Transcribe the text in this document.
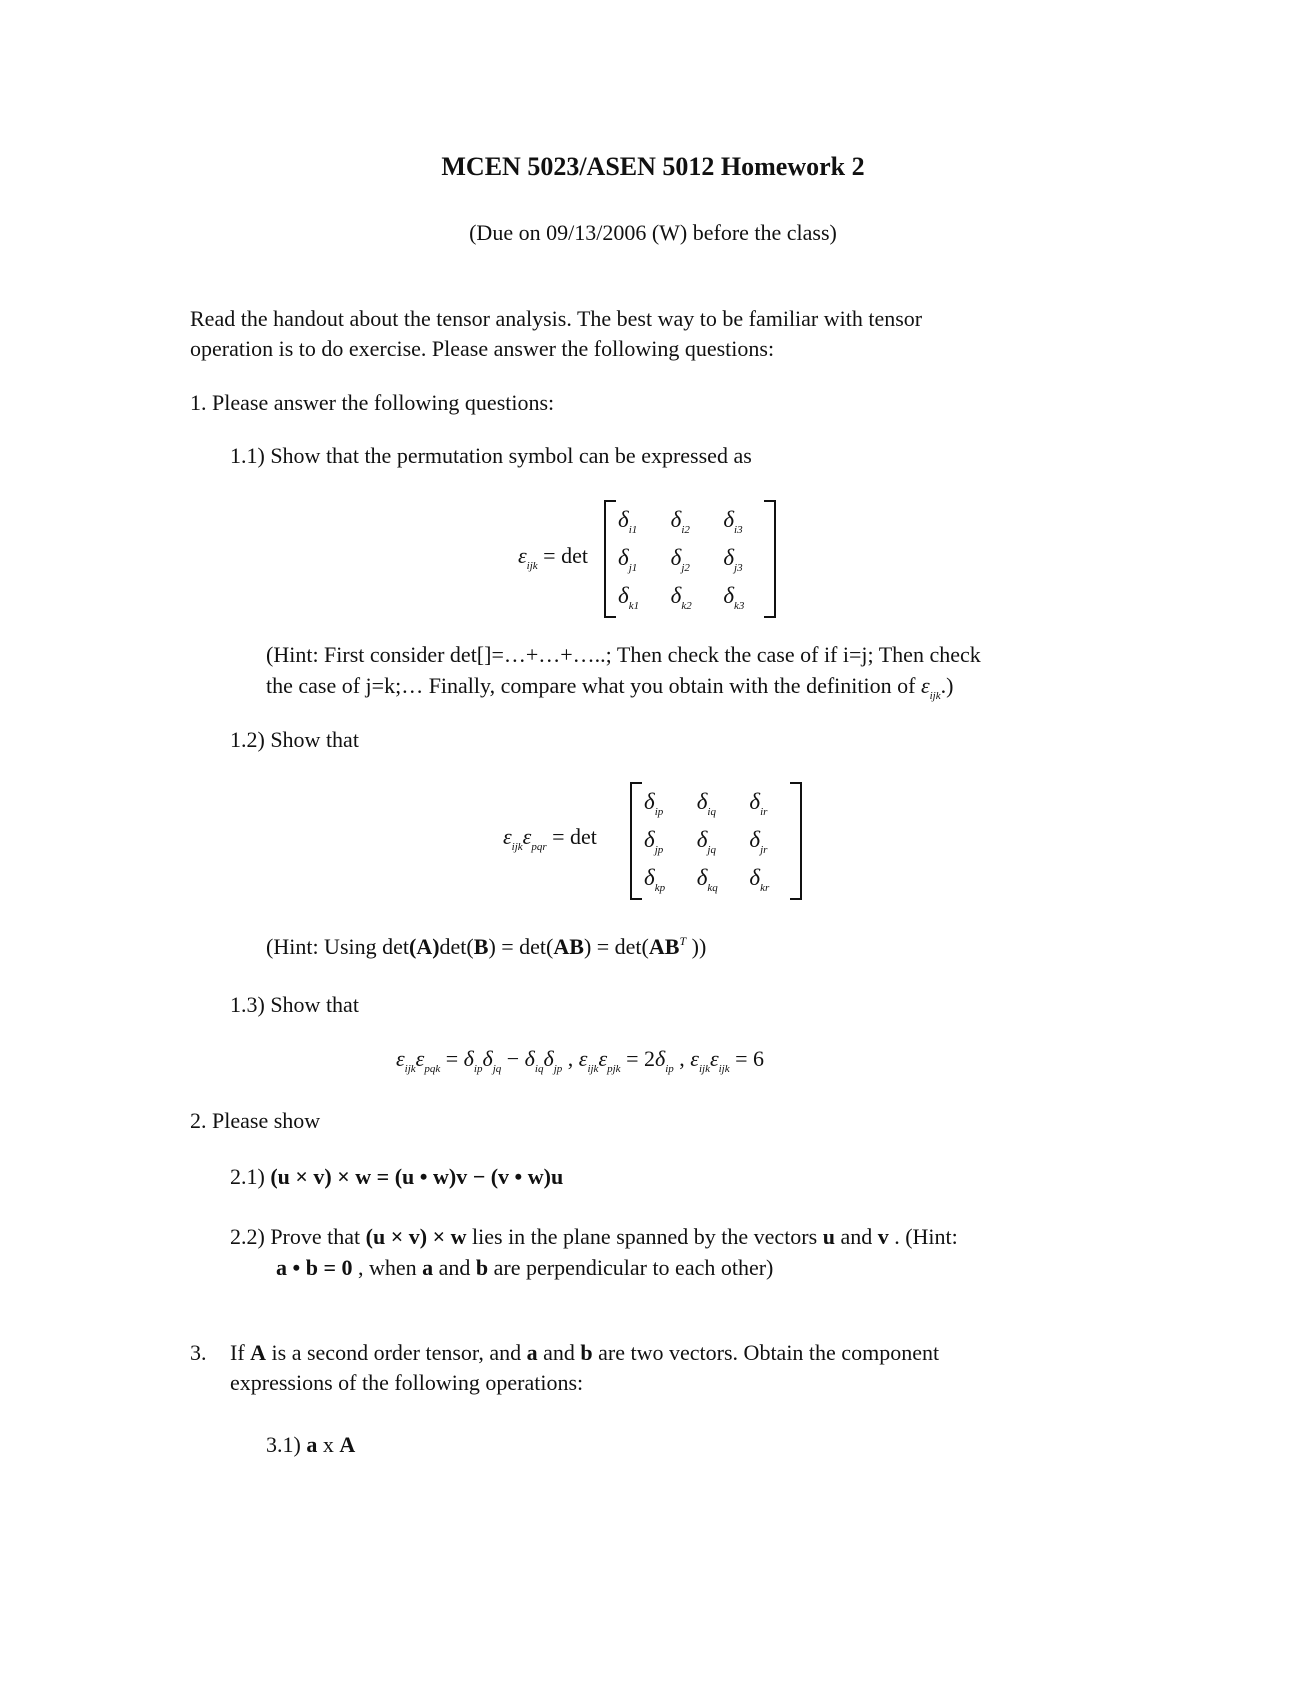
MCEN 5023/ASEN 5012 Homework 2
(Due on 09/13/2006 (W) before the class)
Read the handout about the tensor analysis. The best way to be familiar with tensor
operation is to do exercise. Please answer the following questions:
1. Please answer the following questions:
1.1) Show that the permutation symbol can be expressed as
$\varepsilon_{ijk} = \det$
$\delta_{i1}$	$\delta_{i2}$	$\delta_{i3}$
$\delta_{j1}$	$\delta_{j2}$	$\delta_{j3}$
$\delta_{k1}$	$\delta_{k2}$	$\delta_{k3}$
(Hint: First consider det[]=…+…+…..; Then check the case of if i=j; Then check
the case of j=k;… Finally, compare what you obtain with the definition of $\varepsilon_{ijk}$.)
1.2) Show that
$\varepsilon_{ijk}\varepsilon_{pqr} = \det$
$\delta_{ip}$	$\delta_{iq}$	$\delta_{ir}$
$\delta_{jp}$	$\delta_{jq}$	$\delta_{jr}$
$\delta_{kp}$	$\delta_{kq}$	$\delta_{kr}$
(Hint: Using $\det(A)\det(B) = \det(AB) = \det(AB^T$ ))
1.3) Show that
$\varepsilon_{ijk}\varepsilon_{pqk} = \delta_{ip}\delta_{jq} - \delta_{iq}\delta_{jp}$ , $\varepsilon_{ijk}\varepsilon_{pjk} = 2\delta_{ip}$ , $\varepsilon_{ijk}\varepsilon_{ijk} = 6$
2. Please show
2.1) (u × v) × w = (u • w)v − (v • w)u
2.2) Prove that (u × v) × w lies in the plane spanned by the vectors u and v . (Hint:
a • b = 0 , when a and b are perpendicular to each other)
3. If A is a second order tensor, and a and b are two vectors. Obtain the component
expressions of the following operations:
3.1) a x A
